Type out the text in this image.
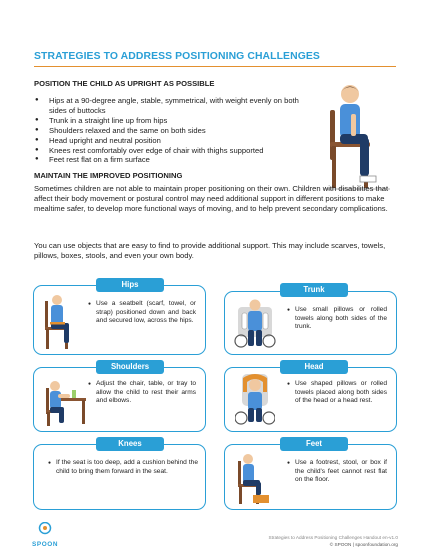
STRATEGIES TO ADDRESS POSITIONING CHALLENGES
POSITION THE CHILD AS UPRIGHT AS POSSIBLE
● Hips at a 90-degree angle, stable, symmetrical, with weight evenly on both sides of buttocks
● Trunk in a straight line up from hips
● Shoulders relaxed and the same on both sides
● Head upright and neutral position
● Knees rest comfortably over edge of chair with thighs supported
● Feet rest flat on a firm surface
MAINTAIN THE IMPROVED POSITIONING

Sometimes children are not able to maintain proper positioning on their own. Children with disabilities that affect their body movement or postural control may need additional support in different positions to make mealtime safer, to develop more functional ways of moving, and to help prevent secondary complications.

You can use objects that are easy to find to provide additional support. This may include scarves, towels, pillows, boxes, stools, and even your own body.

● Use a seatbelt (scarf, towel, or strap) positioned down and back and secured low, across the hips.

Hips

● Use small pillows or rolled towels along both sides of the trunk.

Trunk

● Adjust the chair, table, or tray to allow the child to rest their arms and elbows.

Shoulders

● Use shaped pillows or rolled towels placed along both sides of the head or a head rest.

Head

● If the seat is too deep, add a cushion behind the child to bring them forward in the seat.

Knees

● Use a footrest, stool, or box if the child's feet cannot rest flat on the floor.

Feet
SPOON
Strategies to Address Positioning Challenges Handout en-v1.0
© SPOON | spoonfoundation.org
